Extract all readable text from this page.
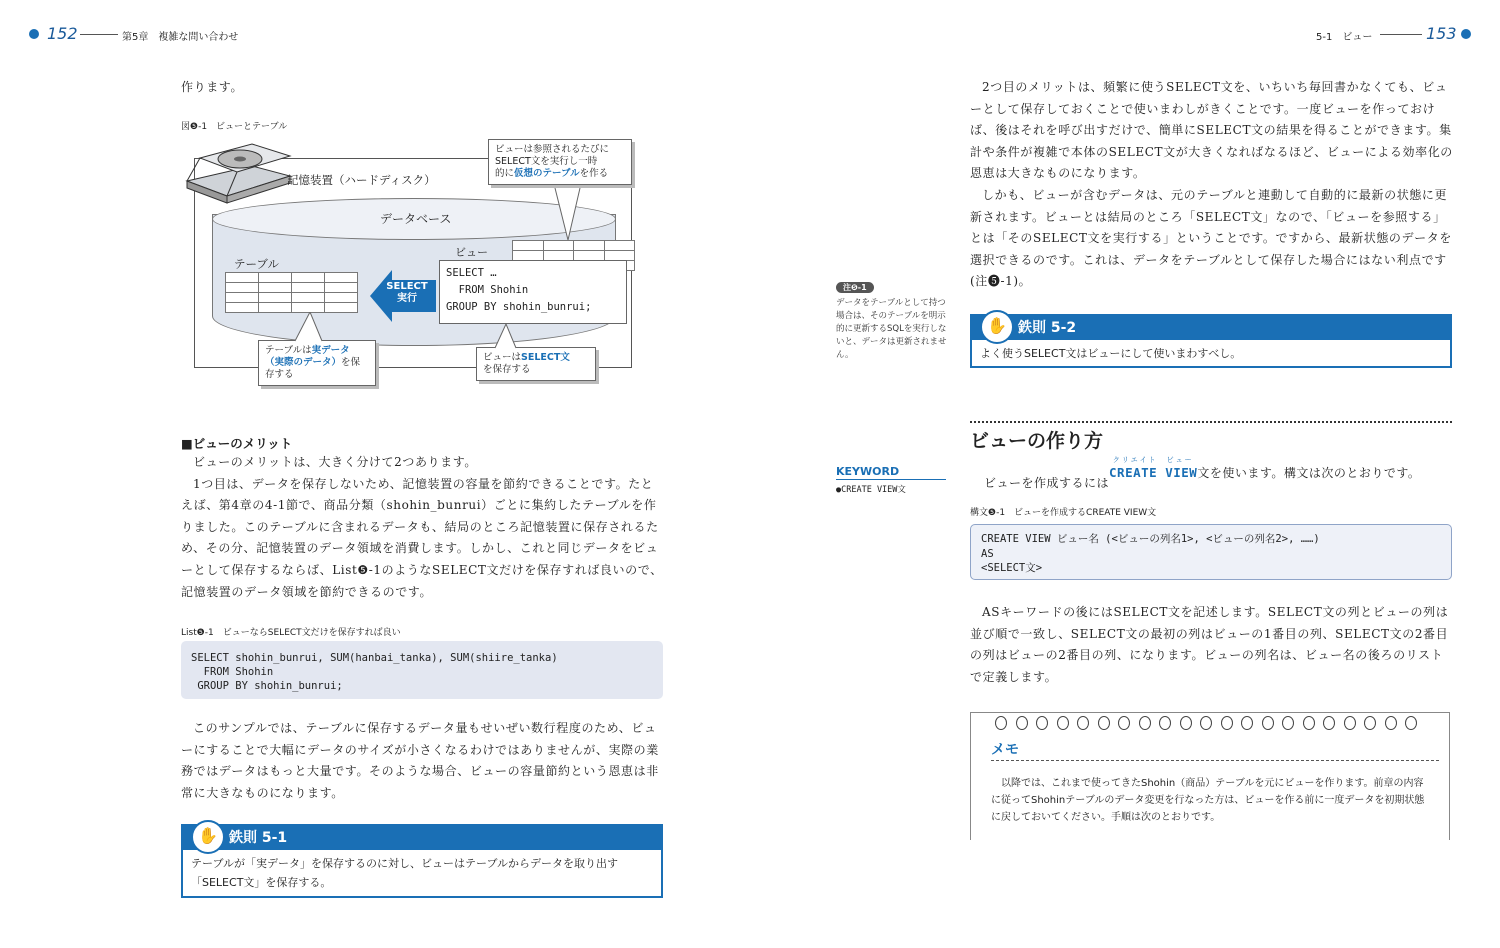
152	第5章　複雑な問い合わせ	5-1　ビュー	153

作ります。

図❺-1　ビューとテーブル
データベース
記憶装置（ハードディスク）
テーブル

SELECT
実行
ビュー

SELECT …
FROM Shohin
GROUP BY shohin_bunrui;
ビューは参照されるたびに
SELECT文を実行し一時
的に仮想のテーブルを作る
テーブルは実データ
（実際のデータ）を保
存する
ビューはSELECT文
を保存する
■ビューのメリット

ビューのメリットは、大きく分けて2つあります。

1つ目は、データを保存しないため、記憶装置の容量を節約できることです。たとえば、第4章の4-1節で、商品分類（shohin_bunrui）ごとに集約したテーブルを作りました。このテーブルに含まれるデータも、結局のところ記憶装置に保存されるため、その分、記憶装置のデータ領域を消費します。しかし、これと同じデータをビューとして保存するならば、List❺-1のようなSELECT文だけを保存すれば良いので、記憶装置のデータ領域を節約できるのです。

List❺-1　ビューならSELECT文だけを保存すれば良い
SELECT shohin_bunrui, SUM(hanbai_tanka), SUM(shiire_tanka)
FROM Shohin
GROUP BY shohin_bunrui;

このサンプルでは、テーブルに保存するデータ量もせいぜい数行程度のため、ビューにすることで大幅にデータのサイズが小さくなるわけではありませんが、実際の業務ではデータはもっと大量です。そのような場合、ビューの容量節約という恩恵は非常に大きなものになります。

✋ 鉄則 5-1
テーブルが「実データ」を保存するのに対し、ビューはテーブルからデータを取り出す「SELECT文」を保存する。

2つ目のメリットは、頻繁に使うSELECT文を、いちいち毎回書かなくても、ビューとして保存しておくことで使いまわしがきくことです。一度ビューを作っておけば、後はそれを呼び出すだけで、簡単にSELECT文の結果を得ることができます。集計や条件が複雑で本体のSELECT文が大きくなればなるほど、ビューによる効率化の恩恵は大きなものになります。

しかも、ビューが含むデータは、元のテーブルと連動して自動的に最新の状態に更新されます。ビューとは結局のところ「SELECT文」なので、「ビューを参照する」とは「そのSELECT文を実行する」ということです。ですから、最新状態のデータを選択できるのです。これは、データをテーブルとして保存した場合にはない利点です(注❺-1)。

注❺-1
データをテーブルとして持つ場合は、そのテーブルを明示的に更新するSQLを実行しないと、データは更新されません。
✋ 鉄則 5-2
よく使うSELECT文はビューにして使いまわすべし。
ビューの作り方
KEYWORD
●CREATE VIEW文	ビューを作成するには
クリエイト　 ビュー
CREATE VIEW文を使います。構文は次のとおりです。
構文❺-1　ビューを作成するCREATE VIEW文
CREATE VIEW ビュー名 (<ビューの列名1>, <ビューの列名2>, ……)
AS
<SELECT文>

ASキーワードの後にはSELECT文を記述します。SELECT文の列とビューの列は並び順で一致し、SELECT文の最初の列はビューの1番目の列、SELECT文の2番目の列はビューの2番目の列、になります。ビューの列名は、ビュー名の後ろのリストで定義します。

メモ
以降では、これまで使ってきたShohin（商品）テーブルを元にビューを作ります。前章の内容に従ってShohinテーブルのデータ変更を行なった方は、ビューを作る前に一度データを初期状態に戻しておいてください。手順は次のとおりです。
